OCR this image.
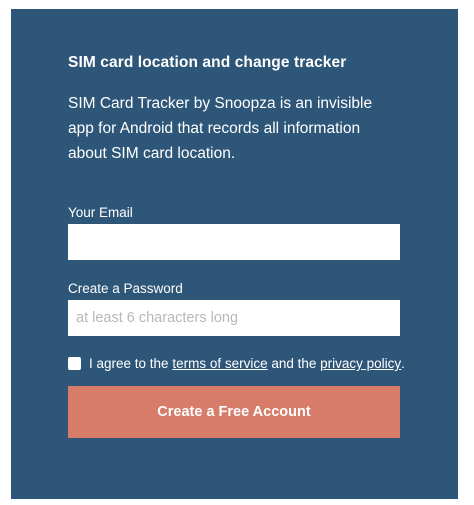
SIM card location and change tracker
SIM Card Tracker by Snoopza is an invisible app for Android that records all information about SIM card location.
Your Email
Create a Password
I agree to the terms of service and the privacy policy .
Create a Free Account
